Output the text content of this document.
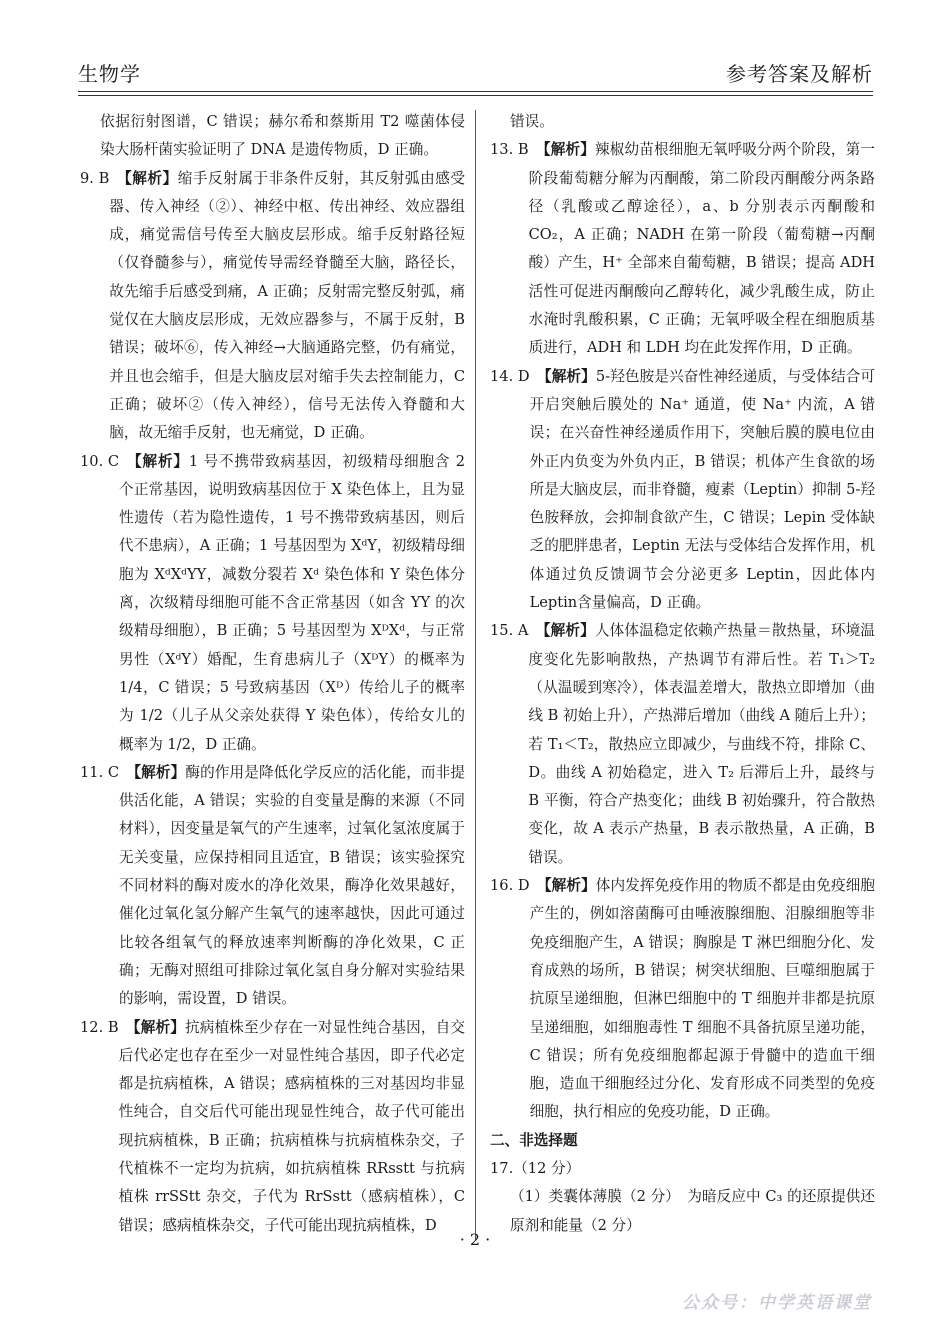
生物学	参考答案及解析

依据衍射图谱，C 错误；赫尔希和蔡斯用 T2 噬菌体侵染大肠杆菌实验证明了 DNA 是遗传物质，D 正确。

9. B
  【解析】缩手反射属于非条件反射，其反射弧由感受器、传入神经（②）、神经中枢、传出神经、效应器组成，痛觉需信号传至大脑皮层形成。缩手反射路径短（仅脊髓参与），痛觉传导需经脊髓至大脑，路径长，故先缩手后感受到痛，A 正确；反射需完整反射弧，痛觉仅在大脑皮层形成，无效应器参与，不属于反射，B 错误；破坏⑥，传入神经→大脑通路完整，仍有痛觉，并且也会缩手，但是大脑皮层对缩手失去控制能力，C 正确；破坏②（传入神经），信号无法传入脊髓和大脑，故无缩手反射，也无痛觉，D 正确。
10. C
  【解析】1 号不携带致病基因，初级精母细胞含 2 个正常基因，说明致病基因位于 X 染色体上，且为显性遗传（若为隐性遗传，1 号不携带致病基因，则后代不患病），A 正确；1 号基因型为 XᵈY，初级精母细胞为 XᵈXᵈYY，减数分裂若 Xᵈ 染色体和 Y 染色体分离，次级精母细胞可能不含正常基因（如含 YY 的次级精母细胞），B 正确；5 号基因型为 XᴰXᵈ，与正常男性（XᵈY）婚配，生育患病儿子（XᴰY）的概率为 1/4，C 错误；5 号致病基因（Xᴰ）传给儿子的概率为 1/2（儿子从父亲处获得 Y 染色体），传给女儿的概率为 1/2，D 正确。
11. C
  【解析】酶的作用是降低化学反应的活化能，而非提供活化能，A 错误；实验的自变量是酶的来源（不同材料），因变量是氧气的产生速率，过氧化氢浓度属于无关变量，应保持相同且适宜，B 错误；该实验探究不同材料的酶对废水的净化效果，酶净化效果越好，催化过氧化氢分解产生氧气的速率越快，因此可通过比较各组氧气的释放速率判断酶的净化效果，C 正确；无酶对照组可排除过氧化氢自身分解对实验结果的影响，需设置，D 错误。
12. B
  【解析】抗病植株至少存在一对显性纯合基因，自交后代必定也存在至少一对显性纯合基因，即子代必定都是抗病植株，A 错误；感病植株的三对基因均非显性纯合，自交后代可能出现显性纯合，故子代可能出现抗病植株，B 正确；抗病植株与抗病植株杂交，子代植株不一定均为抗病，如抗病植株 RRsstt 与抗病植株 rrSStt 杂交，子代为 RrSstt（感病植株），C 错误；感病植株杂交，子代可能出现抗病植株，D

错误。

13. B
  【解析】辣椒幼苗根细胞无氧呼吸分两个阶段，第一阶段葡萄糖分解为丙酮酸，第二阶段丙酮酸分两条路径（乳酸或乙醇途径），a、b 分别表示丙酮酸和 CO₂，A 正确；NADH 在第一阶段（葡萄糖→丙酮酸）产生，H⁺ 全部来自葡萄糖，B 错误；提高 ADH 活性可促进丙酮酸向乙醇转化，减少乳酸生成，防止水淹时乳酸积累，C 正确；无氧呼吸全程在细胞质基质进行，ADH 和 LDH 均在此发挥作用，D 正确。
14. D
  【解析】5-羟色胺是兴奋性神经递质，与受体结合可开启突触后膜处的 Na⁺ 通道，使 Na⁺ 内流，A 错误；在兴奋性神经递质作用下，突触后膜的膜电位由外正内负变为外负内正，B 错误；机体产生食欲的场所是大脑皮层，而非脊髓，瘦素（Leptin）抑制 5-羟色胺释放，会抑制食欲产生，C 错误；Lepin 受体缺乏的肥胖患者，Leptin 无法与受体结合发挥作用，机体通过负反馈调节会分泌更多 Leptin，因此体内 Leptin含量偏高，D 正确。
15. A
  【解析】人体体温稳定依赖产热量＝散热量，环境温度变化先影响散热，产热调节有滞后性。若 T₁＞T₂（从温暖到寒冷），体表温差增大，散热立即增加（曲线 B 初始上升），产热滞后增加（曲线 A 随后上升）；若 T₁＜T₂，散热应立即减少，与曲线不符，排除 C、D。曲线 A 初始稳定，进入 T₂ 后滞后上升，最终与 B 平衡，符合产热变化；曲线 B 初始骤升，符合散热变化，故 A 表示产热量，B 表示散热量，A 正确，B 错误。
16. D
  【解析】体内发挥免疫作用的物质不都是由免疫细胞产生的，例如溶菌酶可由唾液腺细胞、泪腺细胞等非免疫细胞产生，A 错误；胸腺是 T 淋巴细胞分化、发育成熟的场所，B 错误；树突状细胞、巨噬细胞属于抗原呈递细胞，但淋巴细胞中的 T 细胞并非都是抗原呈递细胞，如细胞毒性 T 细胞不具备抗原呈递功能，C 错误；所有免疫细胞都起源于骨髓中的造血干细胞，造血干细胞经过分化、发育形成不同类型的免疫细胞，执行相应的免疫功能，D 正确。

二、非选择题

17.（12 分）

（1）类囊体薄膜（2 分）　为暗反应中 C₃ 的还原提供还原剂和能量（2 分）

· 2 ·
公众号：中学英语课堂
